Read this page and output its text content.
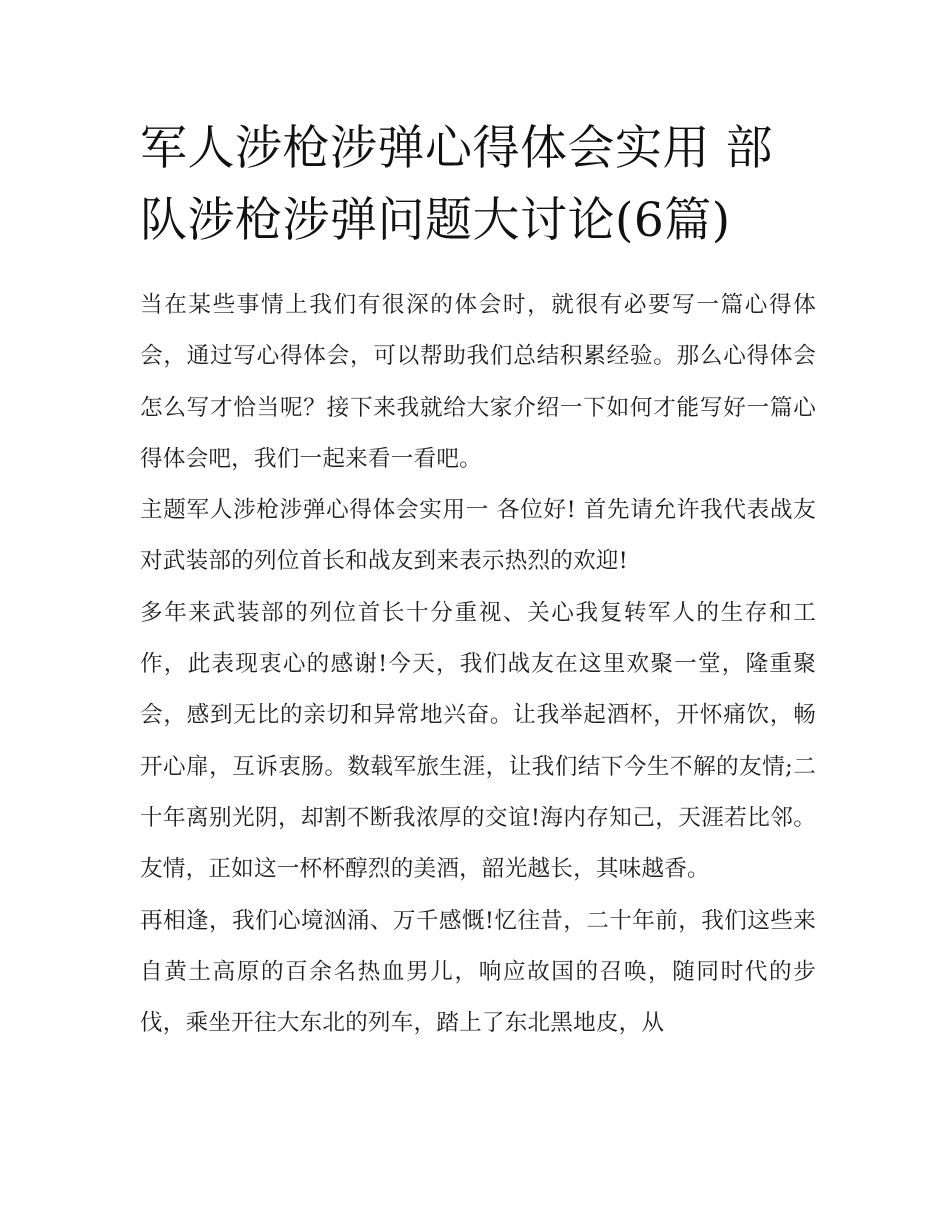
军人涉枪涉弹心得体会实用 部队涉枪涉弹问题大讨论(6篇)

当在某些事情上我们有很深的体会时，就很有必要写一篇心得体会，通过写心得体会，可以帮助我们总结积累经验。那么心得体会怎么写才恰当呢？接下来我就给大家介绍一下如何才能写好一篇心得体会吧，我们一起来看一看吧。

主题军人涉枪涉弹心得体会实用一 各位好! 首先请允许我代表战友对武装部的列位首长和战友到来表示热烈的欢迎!

多年来武装部的列位首长十分重视、关心我复转军人的生存和工作，此表现衷心的感谢!今天，我们战友在这里欢聚一堂，隆重聚会，感到无比的亲切和异常地兴奋。让我举起酒杯，开怀痛饮，畅开心扉，互诉衷肠。数载军旅生涯，让我们结下今生不解的友情;二十年离别光阴，却割不断我浓厚的交谊!海内存知己，天涯若比邻。友情，正如这一杯杯醇烈的美酒，韶光越长，其味越香。

再相逢，我们心境汹涌、万千感慨!忆往昔，二十年前，我们这些来自黄土高原的百余名热血男儿，响应故国的召唤，随同时代的步伐，乘坐开往大东北的列车，踏上了东北黑地皮，从
